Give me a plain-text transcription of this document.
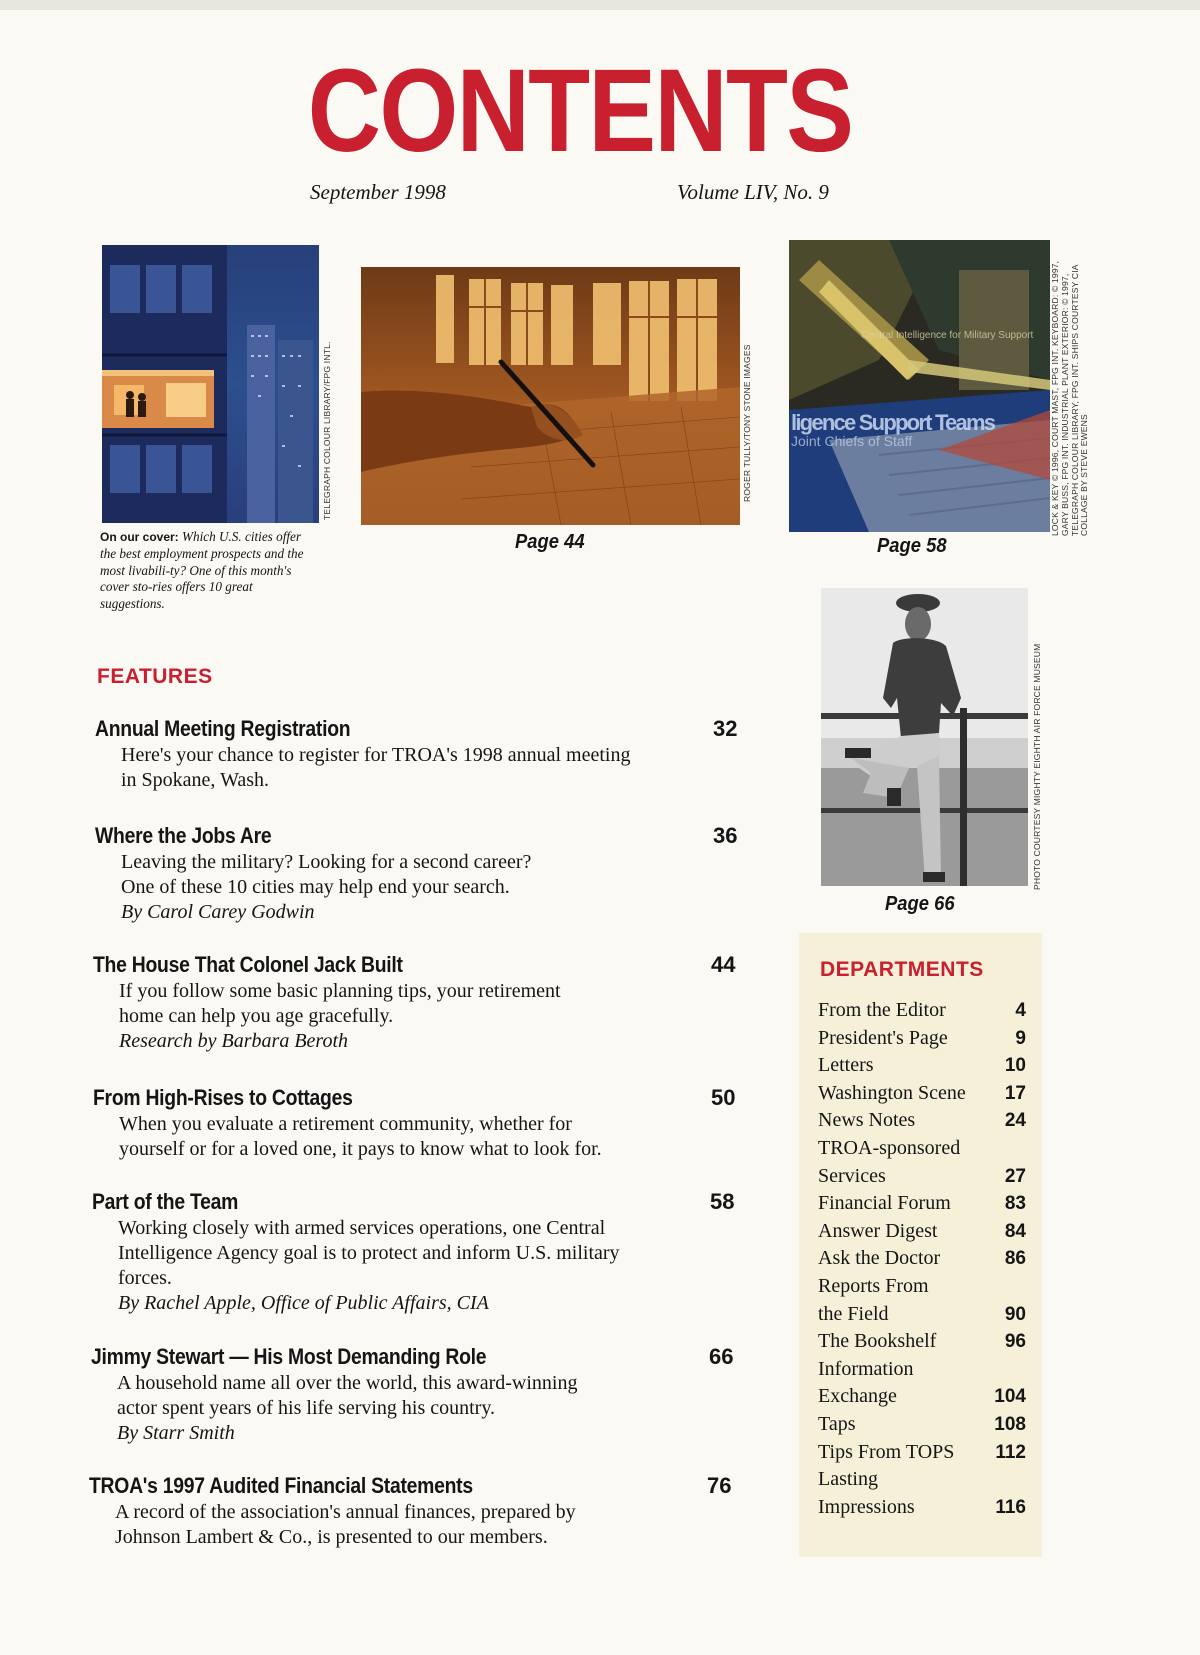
CONTENTS
September 1998	Volume LIV, No. 9
TELEGRAPH COLOUR LIBRARY/FPG INTL.
On our cover: Which U.S. cities offer the best employment prospects and the most livabili-ty? One of this month's cover sto-ries offers 10 great suggestions.
ROGER TULLY/TONY STONE IMAGES
Page 44
Central Intelligence for Military Support
ligence Support Teams
Joint Chiefs of Staff	LOCK & KEY © 1996, COURT MAST, FPG INT. KEYBOARD: © 1997, GARY BUSS, FPG INT. INDUSTRIAL PLANT EXTERIOR: © 1997, TELEGRAPH COLOUR LIBRARY, FPG INT. SHIPS COURTESY CIA COLLAGE BY STEVE EWENS
Page 58
PHOTO COURTESY MIGHTY EIGHTH AIR FORCE MUSEUM
Page 66
FEATURES
Annual Meeting Registration	32
Here's your chance to register for TROA's 1998 annual meeting
in Spokane, Wash.
Where the Jobs Are	36
Leaving the military? Looking for a second career?
One of these 10 cities may help end your search.
By Carol Carey Godwin
The House That Colonel Jack Built	44
If you follow some basic planning tips, your retirement
home can help you age gracefully.
Research by Barbara Beroth
From High-Rises to Cottages	50
When you evaluate a retirement community, whether for
yourself or for a loved one, it pays to know what to look for.
Part of the Team	58
Working closely with armed services operations, one Central
Intelligence Agency goal is to protect and inform U.S. military
forces.
By Rachel Apple, Office of Public Affairs, CIA
Jimmy Stewart — His Most Demanding Role	66
A household name all over the world, this award-winning
actor spent years of his life serving his country.
By Starr Smith
TROA's 1997 Audited Financial Statements	76
A record of the association's annual finances, prepared by
Johnson Lambert & Co., is presented to our members.
DEPARTMENTS
From the Editor	4
President's Page	9
Letters	10
Washington Scene	17
News Notes	24
TROA-sponsored
Services	27
Financial Forum	83
Answer Digest	84
Ask the Doctor	86
Reports From
the Field	90
The Bookshelf	96
Information
Exchange	104
Taps	108
Tips From TOPS	112
Lasting
Impressions	116
